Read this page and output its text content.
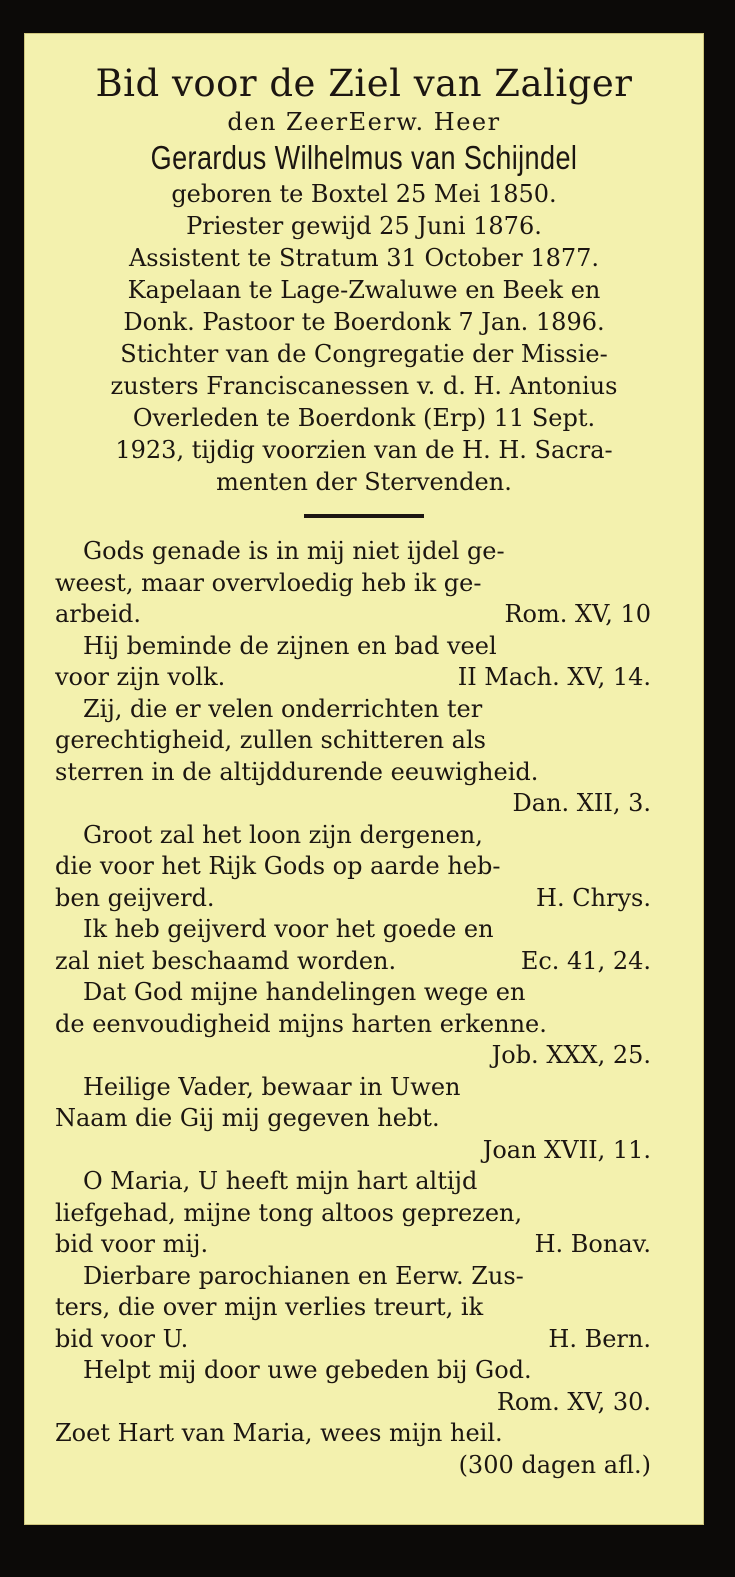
Bid voor de Ziel van Zaliger
den ZeerEerw. Heer
Gerardus Wilhelmus van Schijndel
geboren te Boxtel 25 Mei 1850.
Priester gewijd 25 Juni 1876.
Assistent te Stratum 31 October 1877.
Kapelaan te Lage-Zwaluwe en Beek en
Donk. Pastoor te Boerdonk 7 Jan. 1896.
Stichter van de Congregatie der Missie-
zusters Franciscanessen v. d. H. Antonius
Overleden te Boerdonk (Erp) 11 Sept.
1923, tijdig voorzien van de H. H. Sacra-
menten der Stervenden.
Gods genade is in mij niet ijdel ge-
weest, maar overvloedig heb ik ge-
arbeid.	Rom. XV, 10
Hij beminde de zijnen en bad veel
voor zijn volk.	II Mach. XV, 14.
Zij, die er velen onderrichten ter
gerechtigheid, zullen schitteren als
sterren in de altijddurende eeuwigheid.
Dan. XII, 3.
Groot zal het loon zijn dergenen,
die voor het Rijk Gods op aarde heb-
ben geijverd.	H. Chrys.
Ik heb geijverd voor het goede en
zal niet beschaamd worden.	Ec. 41, 24.
Dat God mijne handelingen wege en
de eenvoudigheid mijns harten erkenne.
Job. XXX, 25.
Heilige Vader, bewaar in Uwen
Naam die Gij mij gegeven hebt.
Joan XVII, 11.
O Maria, U heeft mijn hart altijd
liefgehad, mijne tong altoos geprezen,
bid voor mij.	H. Bonav.
Dierbare parochianen en Eerw. Zus-
ters, die over mijn verlies treurt, ik
bid voor U.	H. Bern.
Helpt mij door uwe gebeden bij God.
Rom. XV, 30.
Zoet Hart van Maria, wees mijn heil.
(300 dagen afl.)
